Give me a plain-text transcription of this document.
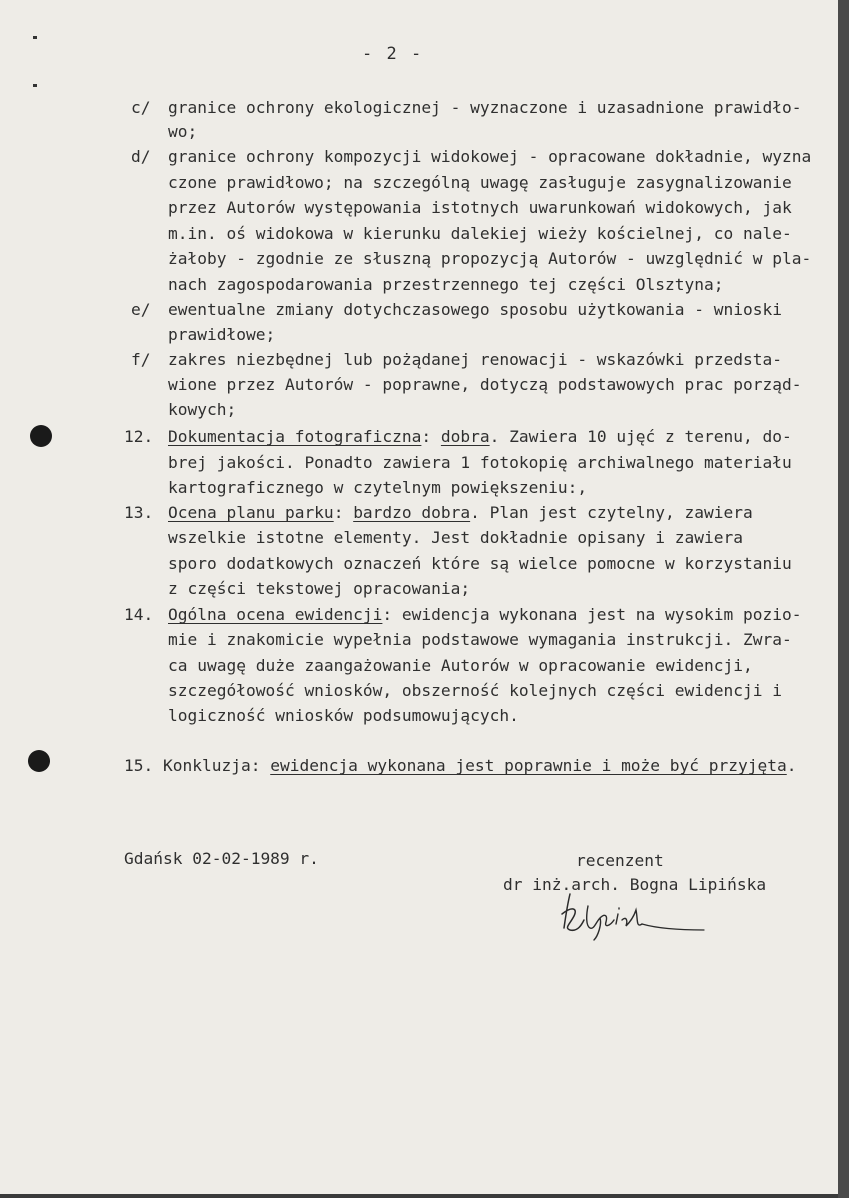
- 2 -
c/ granice ochrony ekologicznej - wyznaczone i uzasadnione prawidło-
wo;
d/ granice ochrony kompozycji widokowej - opracowane dokładnie, wyzna
czone prawidłowo; na szczególną uwagę zasługuje zasygnalizowanie
przez Autorów występowania istotnych uwarunkowań widokowych, jak
m.in. oś widokowa w kierunku dalekiej wieży kościelnej, co nale-
żałoby - zgodnie ze słuszną propozycją Autorów - uwzględnić w pla-
nach zagospodarowania przestrzennego tej części Olsztyna;
e/ ewentualne zmiany dotychczasowego sposobu użytkowania - wnioski
prawidłowe;
f/ zakres niezbędnej lub pożądanej renowacji - wskazówki przedsta-
wione przez Autorów - poprawne, dotyczą podstawowych prac porząd-
kowych;
12. Dokumentacja fotograficzna: dobra. Zawiera 10 ujęć z terenu, do-
brej jakości. Ponadto zawiera 1 fotokopię archiwalnego materiału
kartograficznego w czytelnym powiększeniu:,
13. Ocena planu parku: bardzo dobra. Plan jest czytelny, zawiera
wszelkie istotne elementy. Jest dokładnie opisany i zawiera
sporo dodatkowych oznaczeń które są wielce pomocne w korzystaniu
z części tekstowej opracowania;
14. Ogólna ocena ewidencji: ewidencja wykonana jest na wysokim pozio-
mie i znakomicie wypełnia podstawowe wymagania instrukcji. Zwra-
ca uwagę duże zaangażowanie Autorów w opracowanie ewidencji,
szczegółowość wniosków, obszerność kolejnych części ewidencji i
logiczność wniosków podsumowujących.
15. Konkluzja: ewidencja wykonana jest poprawnie i może być przyjęta.
Gdańsk 02-02-1989 r.	recenzent
dr inż.arch. Bogna Lipińska
